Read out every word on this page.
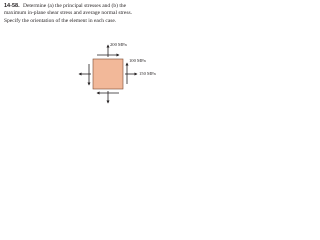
14-58. Determine (a) the principal stresses and (b) the
maximum in-plane shear stress and average normal stress.
Specify the orientation of the element in each case.
200 MPa
100 MPa
150 MPa
